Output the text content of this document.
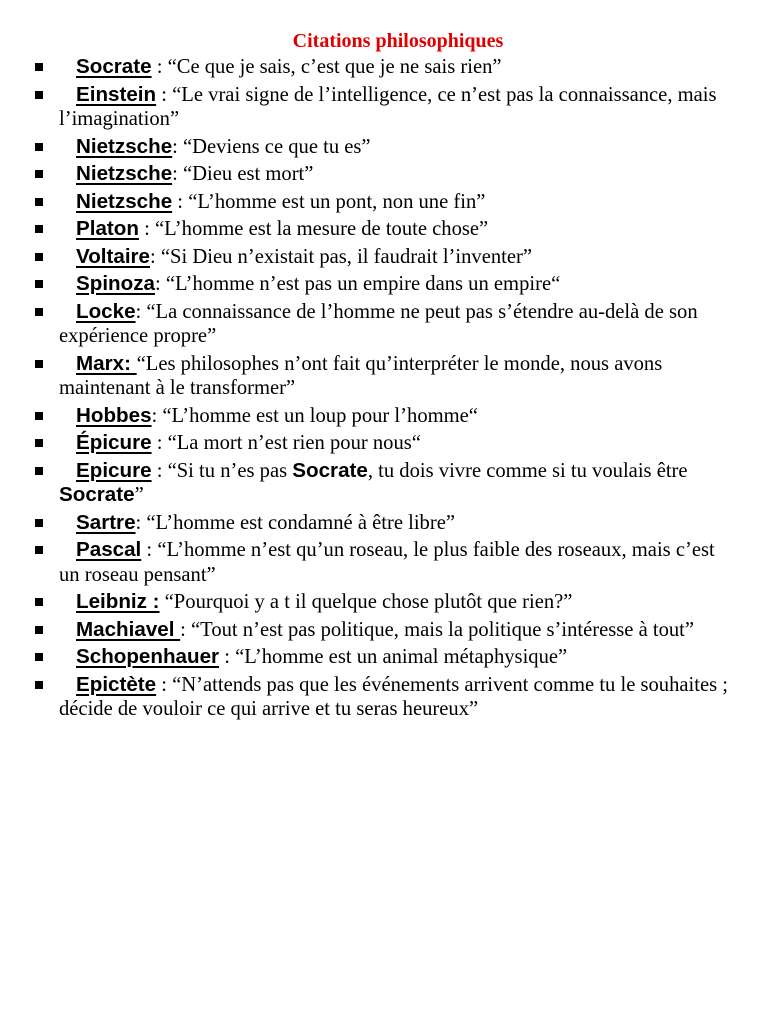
Citations philosophiques
Socrate : “Ce que je sais, c’est que je ne sais rien”
Einstein : “Le vrai signe de l’intelligence, ce n’est pas la connaissance, mais l’imagination”
Nietzsche: “Deviens ce que tu es”
Nietzsche: “Dieu est mort”
Nietzsche : “L’homme est un pont, non une fin”
Platon : “L’homme est la mesure de toute chose”
Voltaire: “Si Dieu n’existait pas, il faudrait l’inventer”
Spinoza: “L’homme n’est pas un empire dans un empire“
Locke: “La connaissance de l’homme ne peut pas s’étendre au-delà de son expérience propre”
Marx: “Les philosophes n’ont fait qu’interpréter le monde, nous avons maintenant à le transformer”
Hobbes: “L’homme est un loup pour l’homme“
Épicure : “La mort n’est rien pour nous“
Epicure : “Si tu n’es pas Socrate, tu dois vivre comme si tu voulais être Socrate”
Sartre: “L’homme est condamné à être libre”
Pascal : “L’homme n’est qu’un roseau, le plus faible des roseaux, mais c’est un roseau pensant”
Leibniz : “Pourquoi y a t il quelque chose plutôt que rien?”
Machiavel : “Tout n’est pas politique, mais la politique s’intéresse à tout”
Schopenhauer : “L’homme est un animal métaphysique”
Epictète : “N’attends pas que les événements arrivent comme tu le souhaites ; décide de vouloir ce qui arrive et tu seras heureux”
